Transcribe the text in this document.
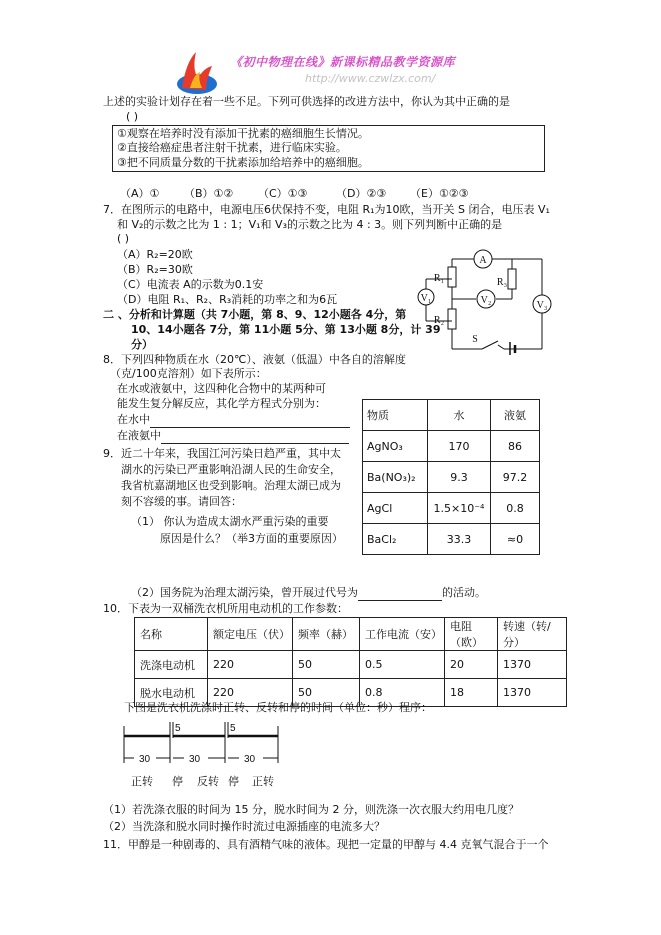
《初中物理在线》新课标精品教学资源库
http://www.czwlzx.com/
上述的实验计划存在着一些不足。下列可供选择的改进方法中，你认为其中正确的是
( )
①观察在培养时没有添加干扰素的癌细胞生长情况。
②直接给癌症患者注射干扰素，进行临床实验。
③把不同质量分数的干扰素添加给培养中的癌细胞。
（A）① （B）①② （C）①③	（D）②③ （E）①②③
7．在图所示的电路中，电源电压6伏保持不变，电阻 R₁为10欧，当开关 S 闭合，电压表 V₁
和 V₂的示数之比为 1 : 1；V₁和 V₃的示数之比为 4 : 3。则下列判断中正确的是
( )
（A）R₂=20欧
（B）R₂=30欧
（C）电流表 A的示数为0.1安
（D）电阻 R₁、R₂、R₃消耗的功率之和为6瓦
A
V₁	V₂	V₃
R₁
R₂
R₃
S
二 、分析和计算题（共 7小题，第 8、9、12小题各 4分，第
10、14小题各 7分，第 11小题 5分、第 13小题 8分，计 39
分）
8．下列四种物质在水（20℃）、液氨（低温）中各自的溶解度
（克/100克溶剂）如下表所示：
在水或液氨中，这四种化合物中的某两种可
能发生复分解反应，其化学方程式分别为：
在水中
在液氨中
物质	水	液氨
AgNO₃	170	86
Ba(NO₃)₂	9.3	97.2
AgCl	1.5×10⁻⁴	0.8
BaCl₂	33.3	≈0
9．近二十年来，我国江河污染日趋严重，其中太
湖水的污染已严重影响沿湖人民的生命安全，
我省杭嘉湖地区也受到影响。治理太湖已成为
刻不容缓的事。请回答：
（1） 你认为造成太湖水严重污染的重要
原因是什么？（举3方面的重要原因）
（2）国务院为治理太湖污染，曾开展过代号为	的活动。
10．下表为一双桶洗衣机所用电动机的工作参数：
名称	额定电压（伏）	频率（赫）	工作电流（安）	电阻（欧）	转速（转/分）
洗涤电动机	220	50	0.5	20	1370
脱水电动机	220	50	0.8	18	1370
下图是洗衣机洗涤时正转、反转和停的时间（单位：秒）程序：
5	5
30	30	30
正转 停 反转 停 正转
（1）若洗涤衣服的时间为 15 分，脱水时间为 2 分，则洗涤一次衣服大约用电几度？
（2）当洗涤和脱水同时操作时流过电源插座的电流多大？
11．甲醇是一种剧毒的、具有酒精气味的液体。现把一定量的甲醇与 4.4 克氧气混合于一个
